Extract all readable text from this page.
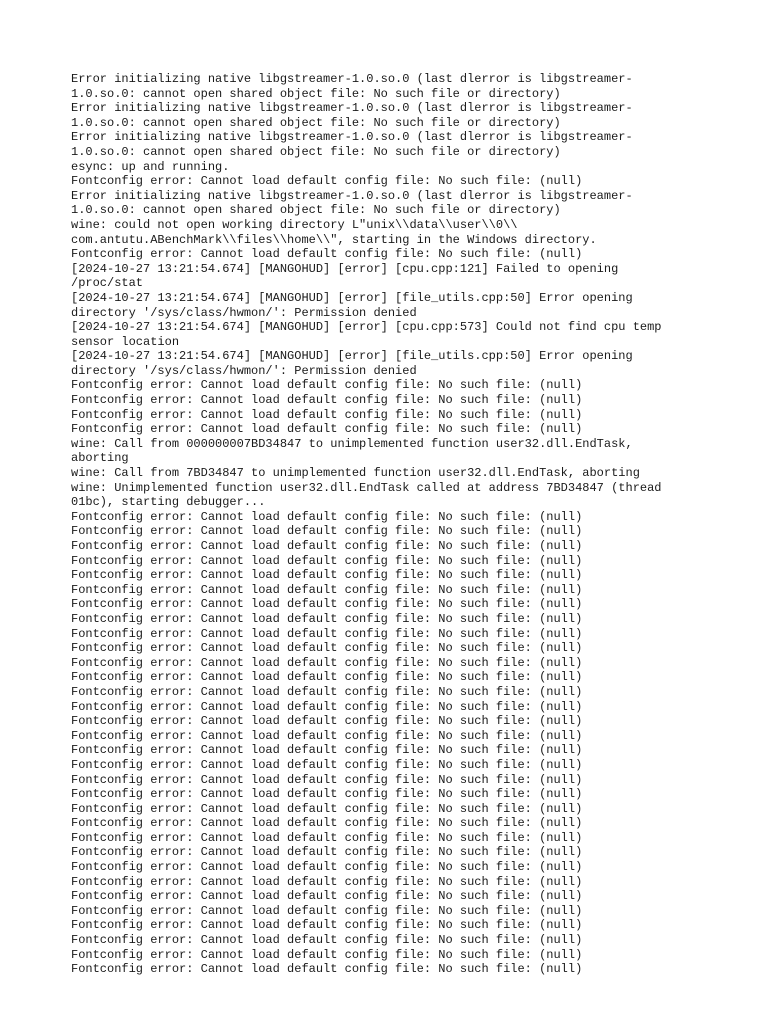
Error initializing native libgstreamer-1.0.so.0 (last dlerror is libgstreamer-
1.0.so.0: cannot open shared object file: No such file or directory)
Error initializing native libgstreamer-1.0.so.0 (last dlerror is libgstreamer-
1.0.so.0: cannot open shared object file: No such file or directory)
Error initializing native libgstreamer-1.0.so.0 (last dlerror is libgstreamer-
1.0.so.0: cannot open shared object file: No such file or directory)
esync: up and running.
Fontconfig error: Cannot load default config file: No such file: (null)
Error initializing native libgstreamer-1.0.so.0 (last dlerror is libgstreamer-
1.0.so.0: cannot open shared object file: No such file or directory)
wine: could not open working directory L"unix\\data\\user\\0\\
com.antutu.ABenchMark\\files\\home\\", starting in the Windows directory.
Fontconfig error: Cannot load default config file: No such file: (null)
[2024-10-27 13:21:54.674] [MANGOHUD] [error] [cpu.cpp:121] Failed to opening
/proc/stat
[2024-10-27 13:21:54.674] [MANGOHUD] [error] [file_utils.cpp:50] Error opening
directory '/sys/class/hwmon/': Permission denied
[2024-10-27 13:21:54.674] [MANGOHUD] [error] [cpu.cpp:573] Could not find cpu temp
sensor location
[2024-10-27 13:21:54.674] [MANGOHUD] [error] [file_utils.cpp:50] Error opening
directory '/sys/class/hwmon/': Permission denied
Fontconfig error: Cannot load default config file: No such file: (null)
Fontconfig error: Cannot load default config file: No such file: (null)
Fontconfig error: Cannot load default config file: No such file: (null)
Fontconfig error: Cannot load default config file: No such file: (null)
wine: Call from 000000007BD34847 to unimplemented function user32.dll.EndTask,
aborting
wine: Call from 7BD34847 to unimplemented function user32.dll.EndTask, aborting
wine: Unimplemented function user32.dll.EndTask called at address 7BD34847 (thread
01bc), starting debugger...
Fontconfig error: Cannot load default config file: No such file: (null)
Fontconfig error: Cannot load default config file: No such file: (null)
Fontconfig error: Cannot load default config file: No such file: (null)
Fontconfig error: Cannot load default config file: No such file: (null)
Fontconfig error: Cannot load default config file: No such file: (null)
Fontconfig error: Cannot load default config file: No such file: (null)
Fontconfig error: Cannot load default config file: No such file: (null)
Fontconfig error: Cannot load default config file: No such file: (null)
Fontconfig error: Cannot load default config file: No such file: (null)
Fontconfig error: Cannot load default config file: No such file: (null)
Fontconfig error: Cannot load default config file: No such file: (null)
Fontconfig error: Cannot load default config file: No such file: (null)
Fontconfig error: Cannot load default config file: No such file: (null)
Fontconfig error: Cannot load default config file: No such file: (null)
Fontconfig error: Cannot load default config file: No such file: (null)
Fontconfig error: Cannot load default config file: No such file: (null)
Fontconfig error: Cannot load default config file: No such file: (null)
Fontconfig error: Cannot load default config file: No such file: (null)
Fontconfig error: Cannot load default config file: No such file: (null)
Fontconfig error: Cannot load default config file: No such file: (null)
Fontconfig error: Cannot load default config file: No such file: (null)
Fontconfig error: Cannot load default config file: No such file: (null)
Fontconfig error: Cannot load default config file: No such file: (null)
Fontconfig error: Cannot load default config file: No such file: (null)
Fontconfig error: Cannot load default config file: No such file: (null)
Fontconfig error: Cannot load default config file: No such file: (null)
Fontconfig error: Cannot load default config file: No such file: (null)
Fontconfig error: Cannot load default config file: No such file: (null)
Fontconfig error: Cannot load default config file: No such file: (null)
Fontconfig error: Cannot load default config file: No such file: (null)
Fontconfig error: Cannot load default config file: No such file: (null)
Fontconfig error: Cannot load default config file: No such file: (null)
